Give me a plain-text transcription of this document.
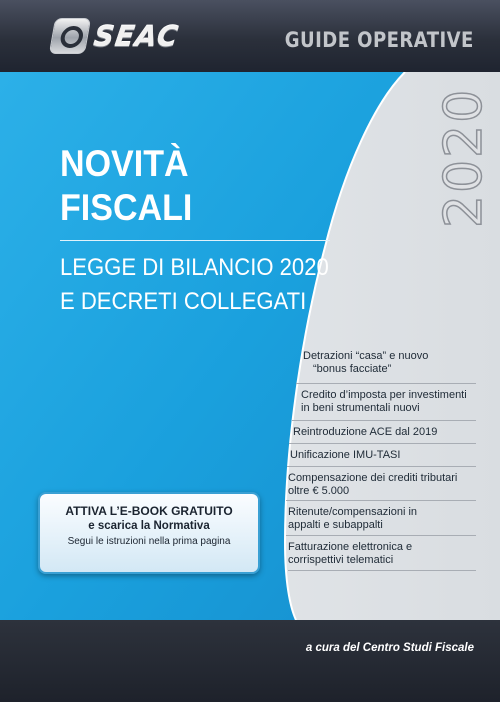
SEAC	GUIDE OPERATIVE
NOVITÀ
FISCALI
LEGGE DI BILANCIO 2020
E DECRETI COLLEGATI
2020
Detrazioni “casa” e nuovo
“bonus facciate”
Credito d’imposta per investimenti
in beni strumentali nuovi
Reintroduzione ACE dal 2019
Unificazione IMU-TASI
Compensazione dei crediti tributari
oltre € 5.000
Ritenute/compensazioni in
appalti e subappalti
Fatturazione elettronica e
corrispettivi telematici
ATTIVA L’E-BOOK GRATUITO
e scarica la Normativa
Segui le istruzioni nella prima pagina
a cura del Centro Studi Fiscale
